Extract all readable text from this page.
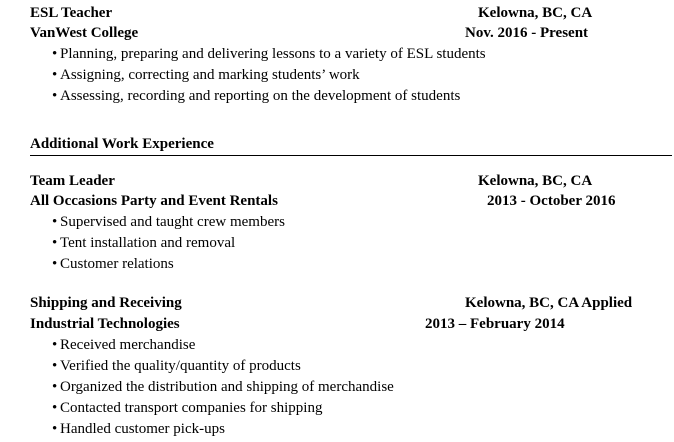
ESL Teacher	Kelowna, BC, CA
VanWest College	Nov. 2016 - Present
• Planning, preparing and delivering lessons to a variety of ESL students
• Assigning, correcting and marking students’ work
• Assessing, recording and reporting on the development of students
Additional Work Experience
Team Leader	Kelowna, BC, CA
All Occasions Party and Event Rentals	2013 - October 2016
• Supervised and taught crew members
• Tent installation and removal
• Customer relations
Shipping and Receiving	Kelowna, BC, CA Applied
Industrial Technologies	2013 – February 2014
• Received merchandise
• Verified the quality/quantity of products
• Organized the distribution and shipping of merchandise
• Contacted transport companies for shipping
• Handled customer pick-ups
